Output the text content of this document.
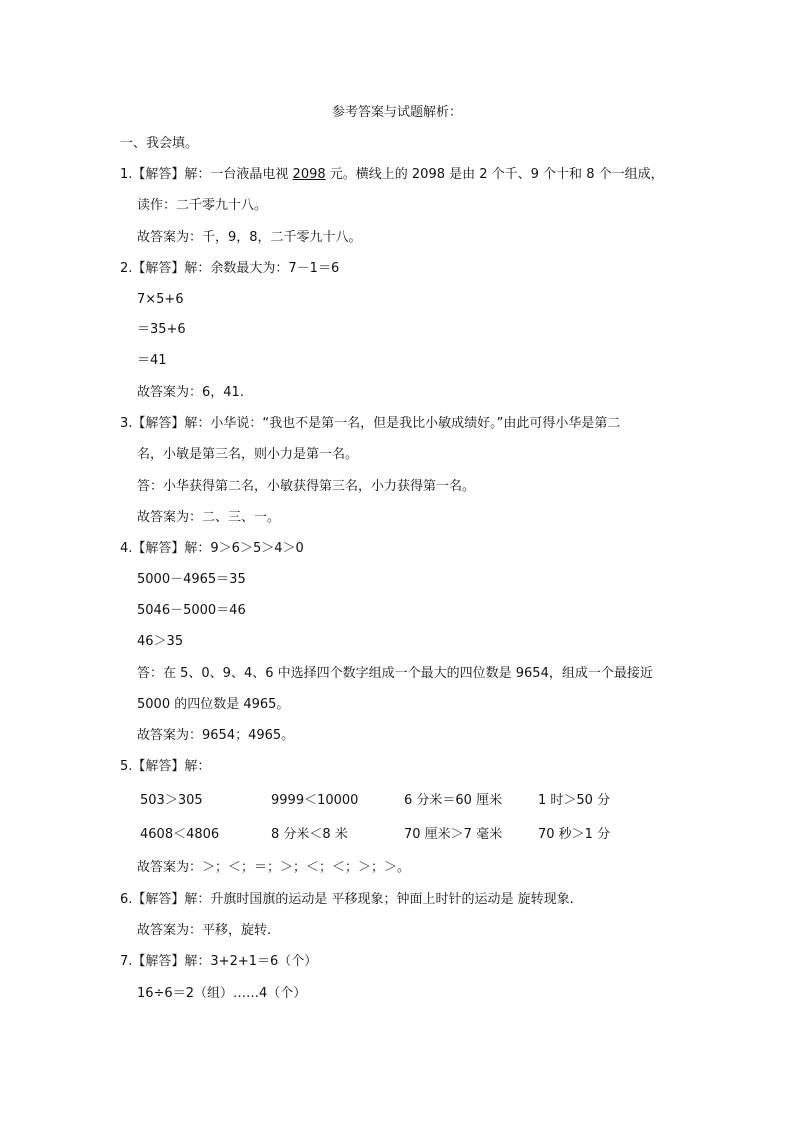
参考答案与试题解析：
一、我会填。
1.【解答】解：一台液晶电视 2098 元。横线上的 2098 是由 2 个千、9 个十和 8 个一组成，
读作：二千零九十八。
故答案为：千，9，8，二千零九十八。
2.【解答】解：余数最大为：7－1＝6
7×5+6
＝35+6
＝41
故答案为：6，41.
3.【解答】解：小华说：“我也不是第一名，但是我比小敏成绩好。”由此可得小华是第二
名，小敏是第三名，则小力是第一名。
答：小华获得第二名，小敏获得第三名，小力获得第一名。
故答案为：二、三、一。
4.【解答】解：9＞6＞5＞4＞0
5000－4965＝35
5046－5000＝46
46＞35
答：在 5、0、9、4、6 中选择四个数字组成一个最大的四位数是 9654，组成一个最接近
5000 的四位数是 4965。
故答案为：9654；4965。
5.【解答】解：
503＞305	9999＜10000	6 分米＝60 厘米	1 时＞50 分
4608＜4806	8 分米＜8 米	70 厘米＞7 毫米	70 秒＞1 分
故答案为：＞；＜；＝；＞；＜；＜；＞；＞。
6.【解答】解：升旗时国旗的运动是 平移现象；钟面上时针的运动是 旋转现象.
故答案为：平移，旋转.
7.【解答】解：3+2+1＝6（个）
16÷6＝2（组）……4（个）
